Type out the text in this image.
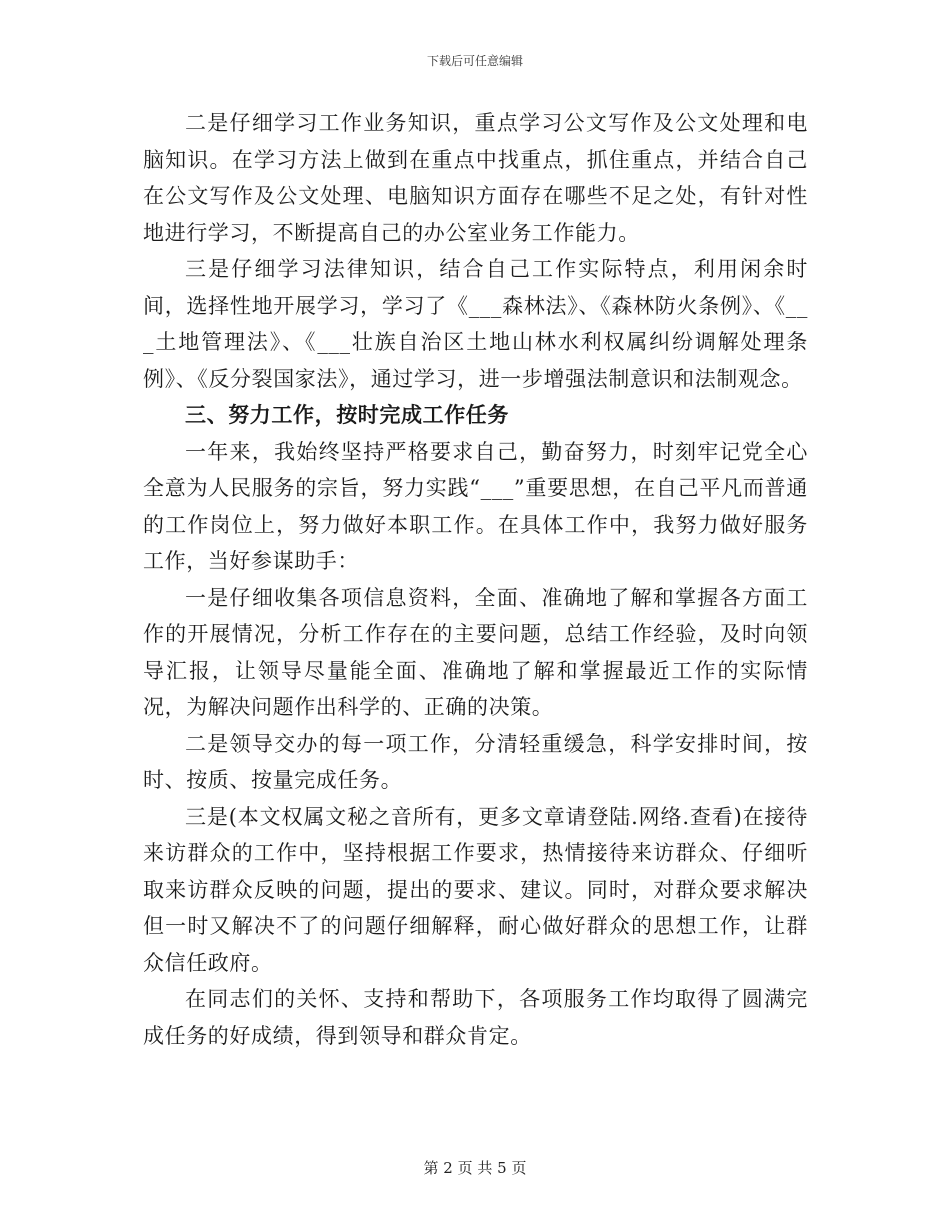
下载后可任意编辑

二是仔细学习工作业务知识，重点学习公文写作及公文处理和电脑知识。在学习方法上做到在重点中找重点，抓住重点，并结合自己在公文写作及公文处理、电脑知识方面存在哪些不足之处，有针对性地进行学习，不断提高自己的办公室业务工作能力。

三是仔细学习法律知识，结合自己工作实际特点，利用闲余时间，选择性地开展学习，学习了《___森林法》、《森林防火条例》、《___土地管理法》、《___壮族自治区土地山林水利权属纠纷调解处理条例》、《反分裂国家法》，通过学习，进一步增强法制意识和法制观念。

三、努力工作，按时完成工作任务

一年来，我始终坚持严格要求自己，勤奋努力，时刻牢记党全心全意为人民服务的宗旨，努力实践“___”重要思想，在自己平凡而普通的工作岗位上，努力做好本职工作。在具体工作中，我努力做好服务工作，当好参谋助手：

一是仔细收集各项信息资料，全面、准确地了解和掌握各方面工作的开展情况，分析工作存在的主要问题，总结工作经验，及时向领导汇报，让领导尽量能全面、准确地了解和掌握最近工作的实际情况，为解决问题作出科学的、正确的决策。

二是领导交办的每一项工作，分清轻重缓急，科学安排时间，按时、按质、按量完成任务。

三是(本文权属文秘之音所有，更多文章请登陆.网络.查看)在接待来访群众的工作中，坚持根据工作要求，热情接待来访群众、仔细听取来访群众反映的问题，提出的要求、建议。同时，对群众要求解决但一时又解决不了的问题仔细解释，耐心做好群众的思想工作，让群众信任政府。

在同志们的关怀、支持和帮助下，各项服务工作均取得了圆满完成任务的好成绩，得到领导和群众肯定。

第 2 页 共 5 页
